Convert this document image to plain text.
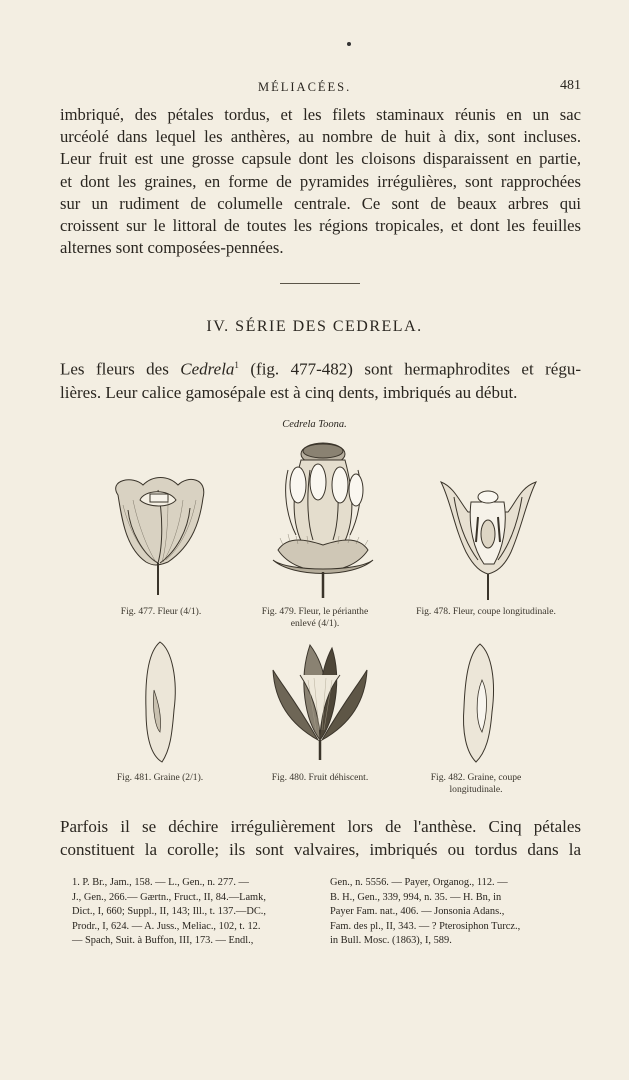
MÉLIACÉES.	481
imbriqué, des pétales tordus, et les filets staminaux réunis en un sac
urcéolé dans lequel les anthères, au nombre de huit à dix, sont incluses.
Leur fruit est une grosse capsule dont les cloisons disparaissent en partie,
et dont les graines, en forme de pyramides irrégulières, sont rapprochées
sur un rudiment de columelle centrale. Ce sont de beaux arbres qui
croissent sur le littoral de toutes les régions tropicales, et dont les feuilles
alternes sont composées-pennées.
IV. SÉRIE DES CEDRELA.
Les fleurs des Cedrela$^1$ (fig. 477-482) sont hermaphrodites et régu-
lières. Leur calice gamosépale est à cinq dents, imbriqués au début.
Cedrela Toona.
Fig. 477. Fleur (4/1).	Fig. 479. Fleur, le périanthe
enlevé (4/1).
Fig. 478. Fleur, coupe longitudinale.
Fig. 481. Graine (2/1).	Fig. 480. Fruit déhiscent.	Fig. 482. Graine, coupe
longitudinale.
Parfois il se déchire irrégulièrement lors de l'anthèse. Cinq pétales
constituent la corolle; ils sont valvaires, imbriqués ou tordus dans la
1. P. Br., Jam., 158. — L., Gen., n. 277. —
J., Gen., 266.— Gærtn., Fruct., II, 84.—Lamk,
Dict., I, 660; Suppl., II, 143; Ill., t. 137.—DC.,
Prodr., I, 624. — A. Juss., Meliac., 102, t. 12.
— Spach, Suit. à Buffon, III, 173. — Endl.,
Gen., n. 5556. — Payer, Organog., 112. —
B. H., Gen., 339, 994, n. 35. — H. Bn, in
Payer Fam. nat., 406. — Jonsonia Adans.,
Fam. des pl., II, 343. — ? Pterosiphon Turcz.,
in Bull. Mosc. (1863), I, 589.
